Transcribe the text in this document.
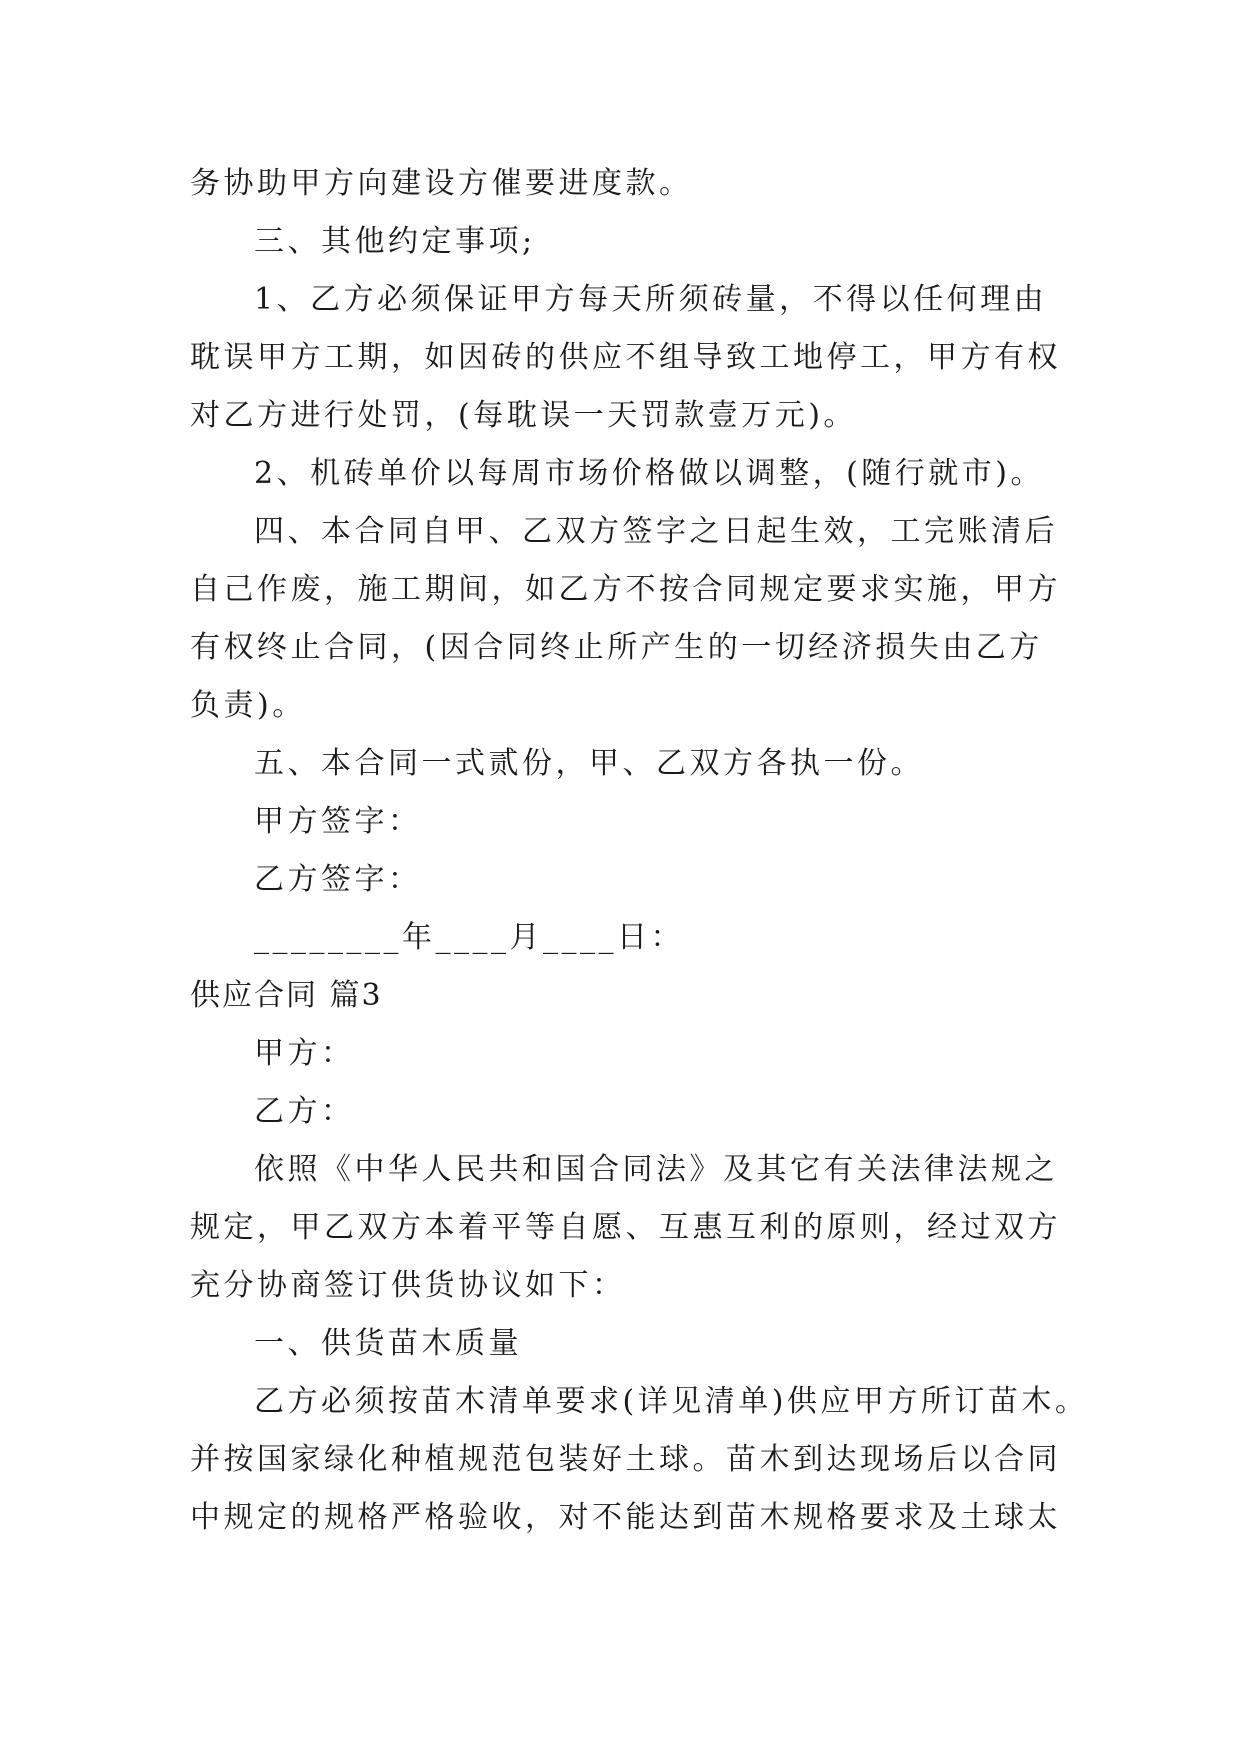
务协助甲方向建设方催要进度款。
三、其他约定事项;
1、乙方必须保证甲方每天所须砖量，不得以任何理由
耽误甲方工期，如因砖的供应不组导致工地停工，甲方有权
对乙方进行处罚，(每耽误一天罚款壹万元)。
2、机砖单价以每周市场价格做以调整，(随行就市)。
四、本合同自甲、乙双方签字之日起生效，工完账清后
自己作废，施工期间，如乙方不按合同规定要求实施，甲方
有权终止合同，(因合同终止所产生的一切经济损失由乙方
负责)。
五、本合同一式贰份，甲、乙双方各执一份。
甲方签字：
乙方签字：
________年____月____日：
供应合同 篇3
甲方：
乙方：
依照《中华人民共和国合同法》及其它有关法律法规之
规定，甲乙双方本着平等自愿、互惠互利的原则，经过双方
充分协商签订供货协议如下：
一、供货苗木质量
乙方必须按苗木清单要求(详见清单)供应甲方所订苗木。
并按国家绿化种植规范包装好土球。苗木到达现场后以合同
中规定的规格严格验收，对不能达到苗木规格要求及土球太
